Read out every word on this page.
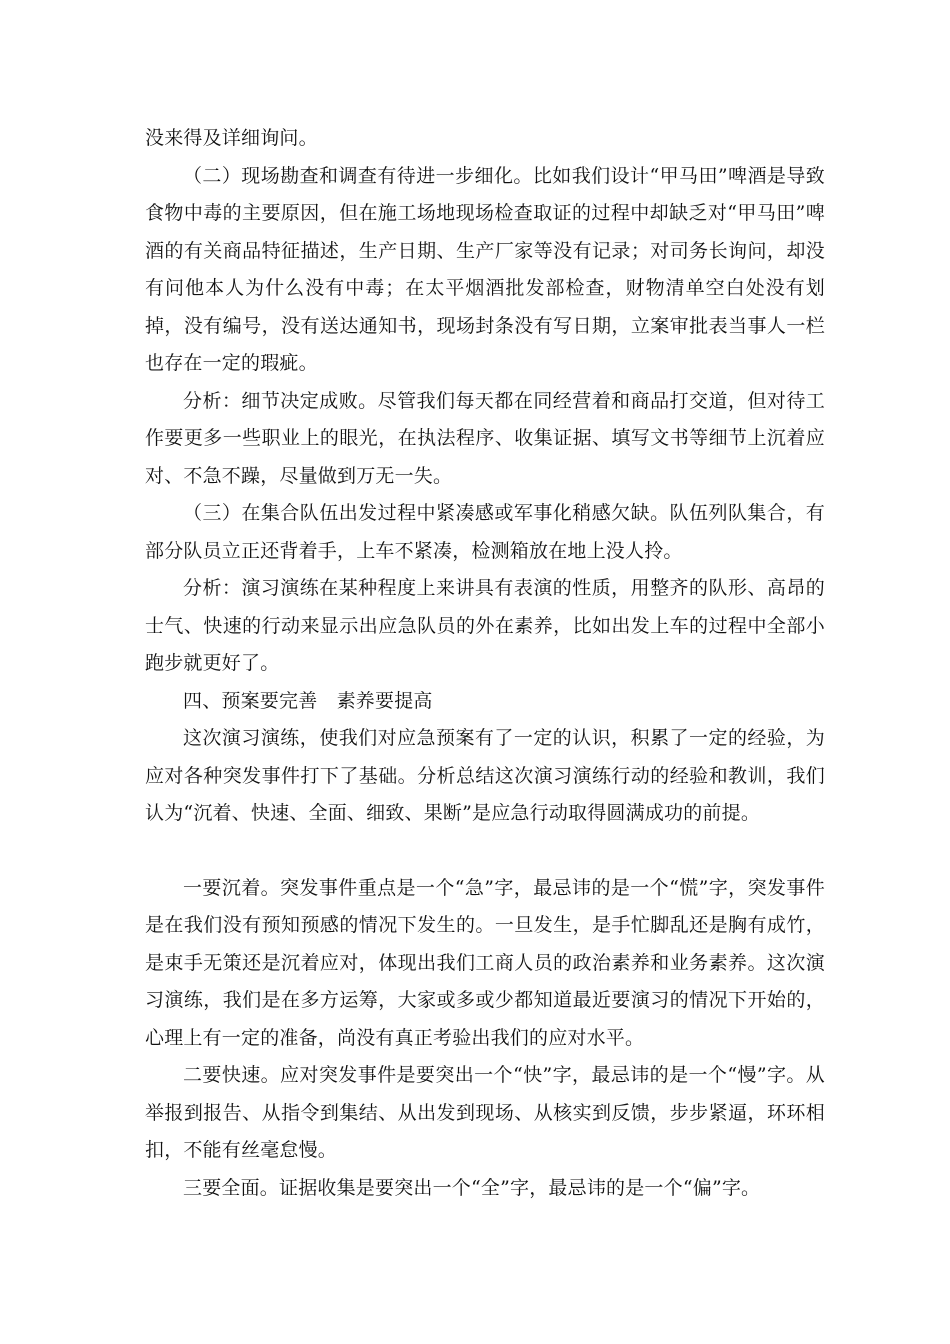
没来得及详细询问。

（二）现场勘查和调查有待进一步细化。比如我们设计“甲马田”啤酒是导致食物中毒的主要原因，但在施工场地现场检查取证的过程中却缺乏对“甲马田”啤酒的有关商品特征描述，生产日期、生产厂家等没有记录；对司务长询问，却没有问他本人为什么没有中毒；在太平烟酒批发部检查，财物清单空白处没有划掉，没有编号，没有送达通知书，现场封条没有写日期，立案审批表当事人一栏也存在一定的瑕疵。

分析：细节决定成败。尽管我们每天都在同经营着和商品打交道，但对待工作要更多一些职业上的眼光，在执法程序、收集证据、填写文书等细节上沉着应对、不急不躁，尽量做到万无一失。

（三）在集合队伍出发过程中紧凑感或军事化稍感欠缺。队伍列队集合，有部分队员立正还背着手，上车不紧凑，检测箱放在地上没人拎。

分析：演习演练在某种程度上来讲具有表演的性质，用整齐的队形、高昂的士气、快速的行动来显示出应急队员的外在素养，比如出发上车的过程中全部小跑步就更好了。

四、预案要完善　素养要提高

这次演习演练，使我们对应急预案有了一定的认识，积累了一定的经验，为应对各种突发事件打下了基础。分析总结这次演习演练行动的经验和教训，我们认为“沉着、快速、全面、细致、果断”是应急行动取得圆满成功的前提。

一要沉着。突发事件重点是一个“急”字，最忌讳的是一个“慌”字，突发事件是在我们没有预知预感的情况下发生的。一旦发生，是手忙脚乱还是胸有成竹，是束手无策还是沉着应对，体现出我们工商人员的政治素养和业务素养。这次演习演练，我们是在多方运筹，大家或多或少都知道最近要演习的情况下开始的，心理上有一定的准备，尚没有真正考验出我们的应对水平。

二要快速。应对突发事件是要突出一个“快”字，最忌讳的是一个“慢”字。从举报到报告、从指令到集结、从出发到现场、从核实到反馈，步步紧逼，环环相扣，不能有丝毫怠慢。

三要全面。证据收集是要突出一个“全”字，最忌讳的是一个“偏”字。
